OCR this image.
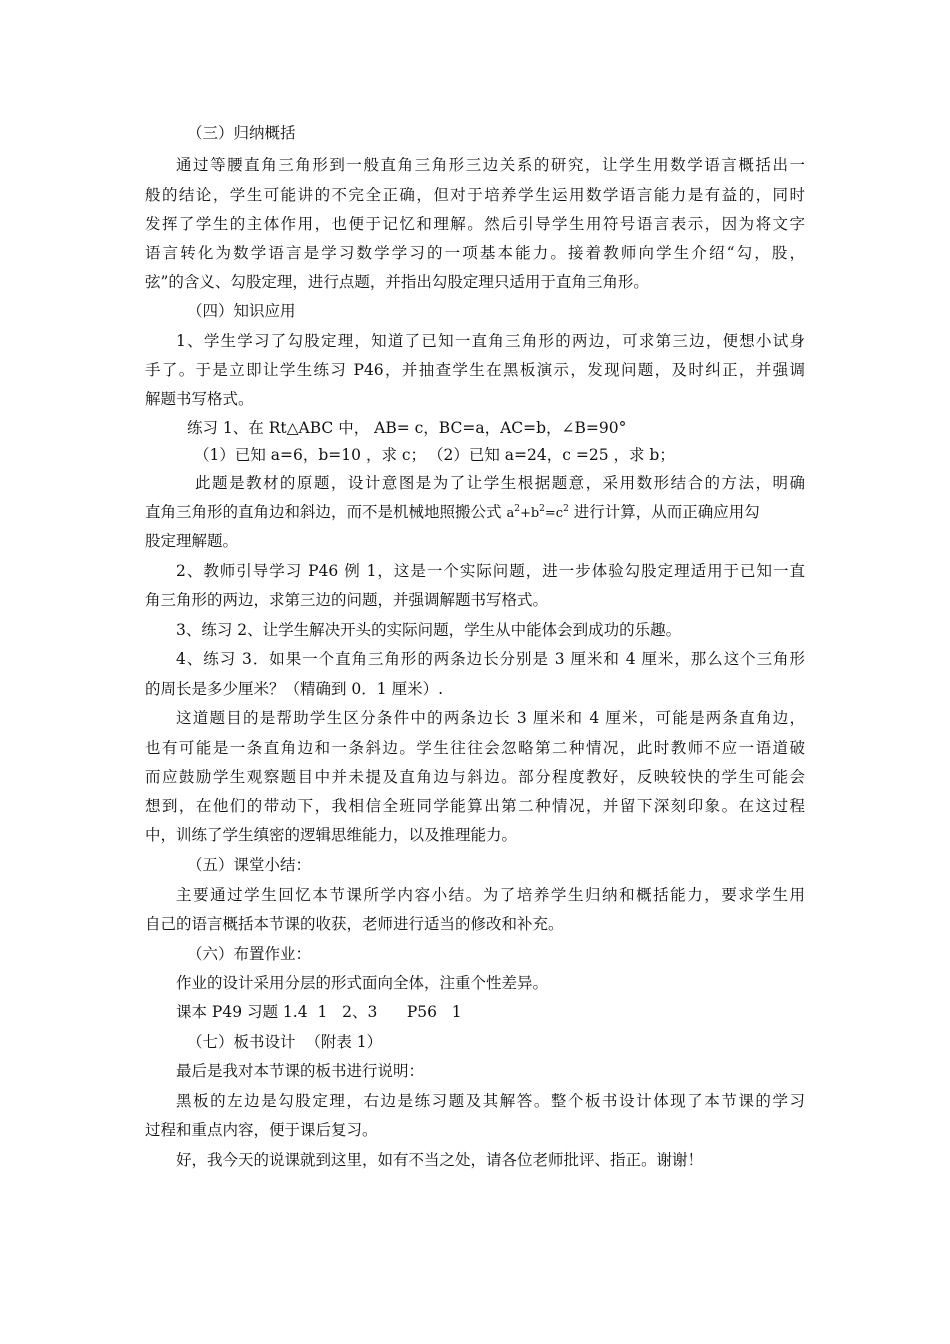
（三）归纳概括
通过等腰直角三角形到一般直角三角形三边关系的研究，让学生用数学语言概括出一
般的结论，学生可能讲的不完全正确，但对于培养学生运用数学语言能力是有益的，同时
发挥了学生的主体作用，也便于记忆和理解。然后引导学生用符号语言表示，因为将文字
语言转化为数学语言是学习数学学习的一项基本能力。接着教师向学生介绍“勾，股，
弦”的含义、勾股定理，进行点题，并指出勾股定理只适用于直角三角形。
（四）知识应用
1、学生学习了勾股定理，知道了已知一直角三角形的两边，可求第三边，便想小试身
手了。于是立即让学生练习 P46，并抽查学生在黑板演示，发现问题，及时纠正，并强调
解题书写格式。
练习 1、在 Rt△ABC 中， AB= c，BC=a，AC=b，∠B=90°
（1）已知 a=6，b=10 ，求 c； （2）已知 a=24，c =25 ，求 b；
此题是教材的原题，设计意图是为了让学生根据题意，采用数形结合的方法，明确
直角三角形的直角边和斜边，而不是机械地照搬公式 $a^2+b^2=c^2$ 进行计算，从而正确应用勾
股定理解题。
2、教师引导学习 P46 例 1，这是一个实际问题，进一步体验勾股定理适用于已知一直
角三角形的两边，求第三边的问题，并强调解题书写格式。
3、练习 2、让学生解决开头的实际问题，学生从中能体会到成功的乐趣。
4、练习 3．如果一个直角三角形的两条边长分别是 3 厘米和 4 厘米，那么这个三角形
的周长是多少厘米？（精确到 0．1 厘米）.
这道题目的是帮助学生区分条件中的两条边长 3 厘米和 4 厘米，可能是两条直角边，
也有可能是一条直角边和一条斜边。学生往往会忽略第二种情况，此时教师不应一语道破
而应鼓励学生观察题目中并未提及直角边与斜边。部分程度教好，反映较快的学生可能会
想到，在他们的带动下，我相信全班同学能算出第二种情况，并留下深刻印象。在这过程
中，训练了学生缜密的逻辑思维能力，以及推理能力。
（五）课堂小结：
主要通过学生回忆本节课所学内容小结。为了培养学生归纳和概括能力，要求学生用
自己的语言概括本节课的收获，老师进行适当的修改和补充。
（六）布置作业：
作业的设计采用分层的形式面向全体，注重个性差异。
课本 P49 习题 1.4  1   2、3      P56   1
（七）板书设计  （附表 1）
最后是我对本节课的板书进行说明：
黑板的左边是勾股定理，右边是练习题及其解答。整个板书设计体现了本节课的学习
过程和重点内容，便于课后复习。
好，我今天的说课就到这里，如有不当之处，请各位老师批评、指正。谢谢！
